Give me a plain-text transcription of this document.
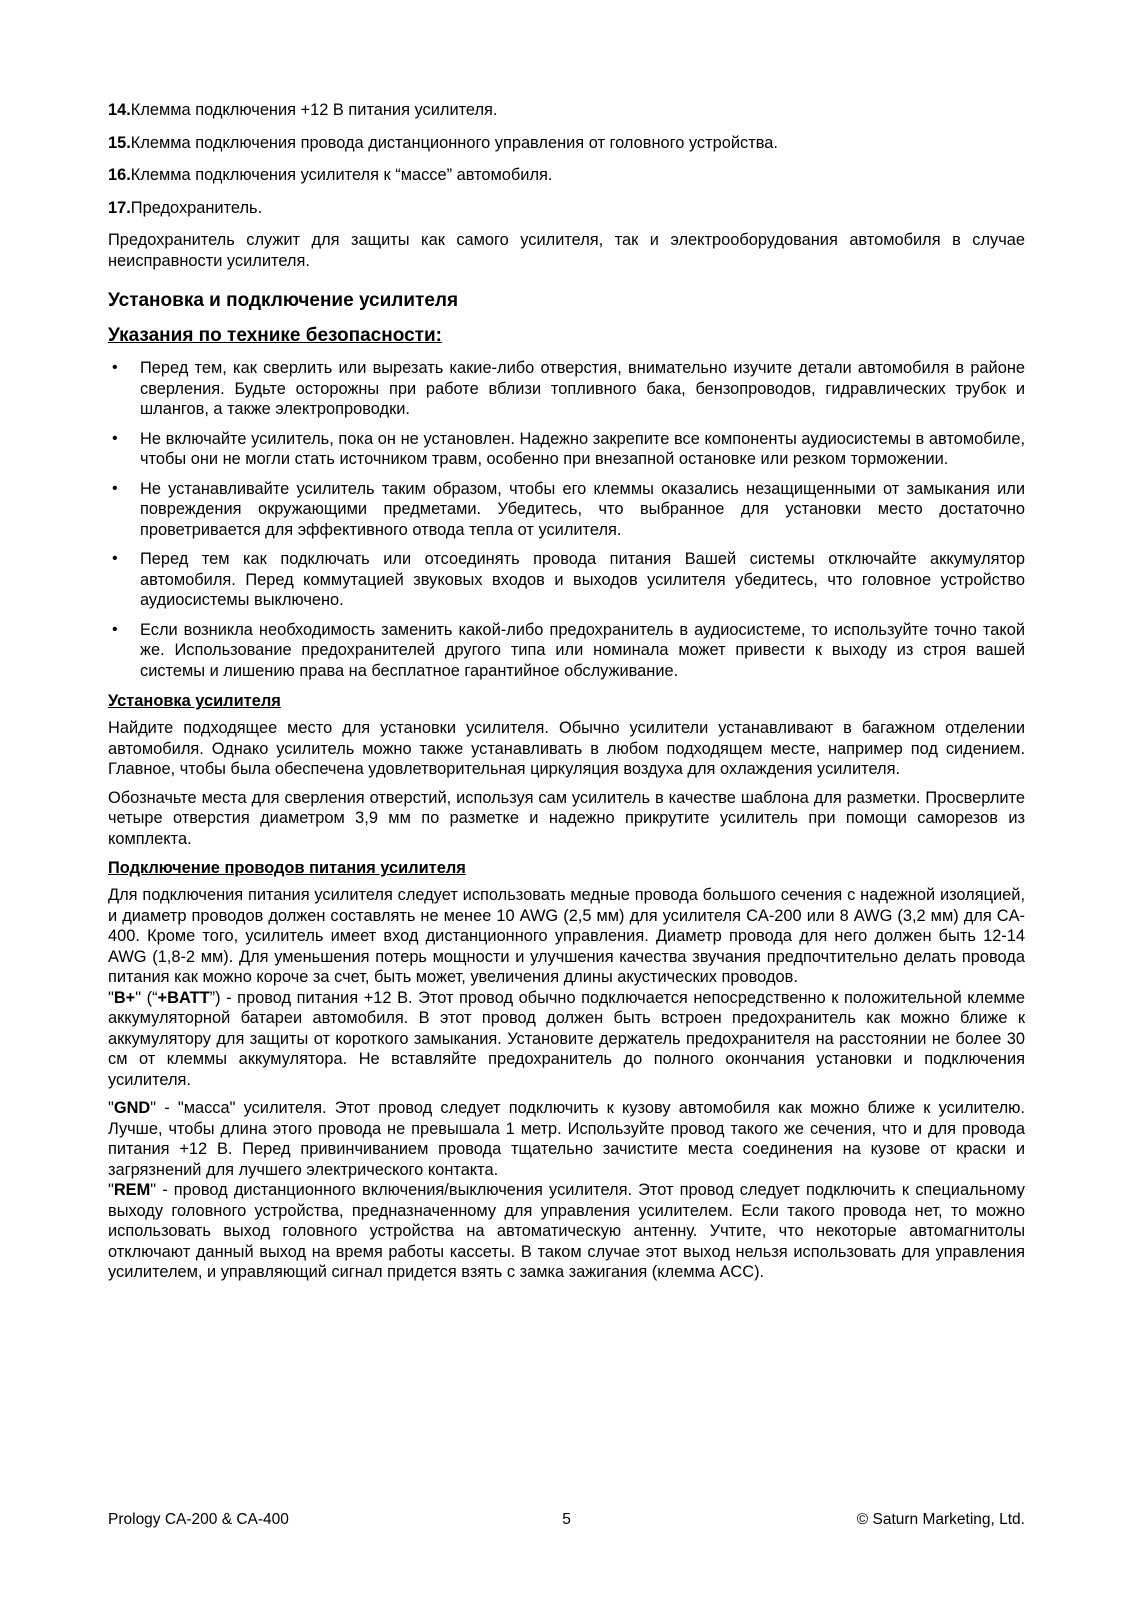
14.Клемма подключения +12 В питания усилителя.

15.Клемма подключения провода дистанционного управления от головного устройства.

16.Клемма подключения усилителя к “массе” автомобиля.

17.Предохранитель.

Предохранитель служит для защиты как самого усилителя, так и электрооборудования автомобиля в случае неисправности усилителя.

Установка и подключение усилителя
Указания по технике безопасности:
• Перед тем, как сверлить или вырезать какие-либо отверстия, внимательно изучите детали автомобиля в районе сверления. Будьте осторожны при работе вблизи топливного бака, бензопроводов, гидравлических трубок и шлангов, а также электропроводки.

• Не включайте усилитель, пока он не установлен. Надежно закрепите все компоненты аудиосистемы в автомобиле, чтобы они не могли стать источником травм, особенно при внезапной остановке или резком торможении.

• Не устанавливайте усилитель таким образом, чтобы его клеммы оказались незащищенными от замыкания или повреждения окружающими предметами. Убедитесь, что выбранное для установки место достаточно проветривается для эффективного отвода тепла от усилителя.

• Перед тем как подключать или отсоединять провода питания Вашей системы отключайте аккумулятор автомобиля. Перед коммутацией звуковых входов и выходов усилителя убедитесь, что головное устройство аудиосистемы выключено.

• Если возникла необходимость заменить какой-либо предохранитель в аудиосистеме, то используйте точно такой же. Использование предохранителей другого типа или номинала может привести к выходу из строя вашей системы и лишению права на бесплатное гарантийное обслуживание.

Установка усилителя

Найдите подходящее место для установки усилителя. Обычно усилители устанавливают в багажном отделении автомобиля. Однако усилитель можно также устанавливать в любом подходящем месте, например под сидением. Главное, чтобы была обеспечена удовлетворительная циркуляция воздуха для охлаждения усилителя.

Обозначьте места для сверления отверстий, используя сам усилитель в качестве шаблона для разметки. Просверлите четыре отверстия диаметром 3,9 мм по разметке и надежно прикрутите усилитель при помощи саморезов из комплекта.

Подключение проводов питания усилителя

Для подключения питания усилителя следует использовать медные провода большого сечения с надежной изоляцией, и диаметр проводов должен составлять не менее 10 AWG (2,5 мм) для усилителя CA-200 или 8 AWG (3,2 мм) для CA-400. Кроме того, усилитель имеет вход дистанционного управления. Диаметр провода для него должен быть 12-14 AWG (1,8-2 мм). Для уменьшения потерь мощности и улучшения качества звучания предпочтительно делать провода питания как можно короче за счет, быть может, увеличения длины акустических проводов.

"B+" (“+BATT”) - провод питания +12 В. Этот провод обычно подключается непосредственно к положительной клемме аккумуляторной батареи автомобиля. В этот провод должен быть встроен предохранитель как можно ближе к аккумулятору для защиты от короткого замыкания. Установите держатель предохранителя на расстоянии не более 30 см от клеммы аккумулятора. Не вставляйте предохранитель до полного окончания установки и подключения усилителя.

"GND" - "масса" усилителя. Этот провод следует подключить к кузову автомобиля как можно ближе к усилителю. Лучше, чтобы длина этого провода не превышала 1 метр. Используйте провод такого же сечения, что и для провода питания +12 В. Перед привинчиванием провода тщательно зачистите места соединения на кузове от краски и загрязнений для лучшего электрического контакта.

"REM" - провод дистанционного включения/выключения усилителя. Этот провод следует подключить к специальному выходу головного устройства, предназначенному для управления усилителем. Если такого провода нет, то можно использовать выход головного устройства на автоматическую антенну. Учтите, что некоторые автомагнитолы отключают данный выход на время работы кассеты. В таком случае этот выход нельзя использовать для управления усилителем, и управляющий сигнал придется взять с замка зажигания (клемма ACC).

Prology CA-200 & CA-400	5	© Saturn Marketing, Ltd.
